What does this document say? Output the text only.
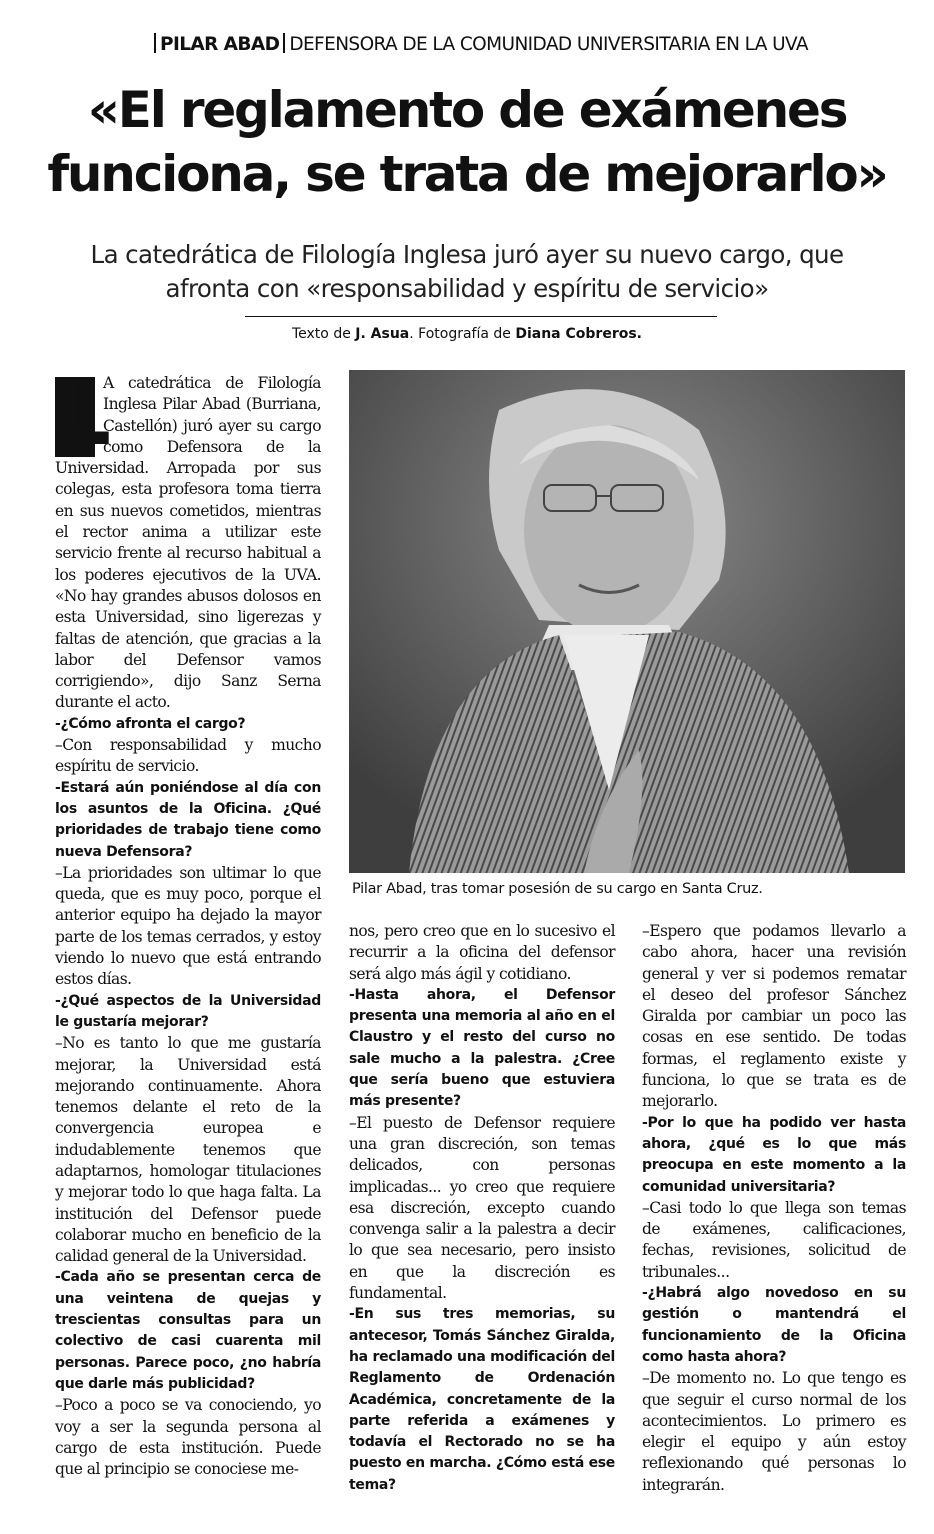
PILAR ABAD DEFENSORA DE LA COMUNIDAD UNIVERSITARIA EN LA UVA
«El reglamento de exámenes
funciona, se trata de mejorarlo»
La catedrática de Filología Inglesa juró ayer su nuevo cargo, que
afronta con «responsabilidad y espíritu de servicio»
Texto de J. Asua. Fotografía de Diana Cobreros.
Pilar Abad, tras tomar posesión de su cargo en Santa Cruz.
L

A catedrática de Filología Inglesa Pilar Abad (Burriana, Castellón) juró ayer su cargo como Defensora de la Universidad. Arropada por sus colegas, esta profesora toma tierra en sus nuevos cometidos, mientras el rector anima a utilizar este servicio frente al recurso habitual a los poderes ejecutivos de la UVA. «No hay grandes abusos dolosos en esta Universidad, sino ligerezas y faltas de atención, que gracias a la labor del Defensor vamos corrigiendo», dijo Sanz Serna durante el acto.

-¿Cómo afronta el cargo?

–Con responsabilidad y mucho espíritu de servicio.

-Estará aún poniéndose al día con los asuntos de la Oficina. ¿Qué prioridades de trabajo tiene como nueva Defensora?

–La prioridades son ultimar lo que queda, que es muy poco, porque el anterior equipo ha dejado la mayor parte de los temas cerrados, y estoy viendo lo nuevo que está entrando estos días.

-¿Qué aspectos de la Universidad le gustaría mejorar?

–No es tanto lo que me gustaría mejorar, la Universidad está mejorando continuamente. Ahora tenemos delante el reto de la convergencia europea e indudablemente tenemos que adaptarnos, homologar titulaciones y mejorar todo lo que haga falta. La institución del Defensor puede colaborar mucho en beneficio de la calidad general de la Universidad.

-Cada año se presentan cerca de una veintena de quejas y trescientas consultas para un colectivo de casi cuarenta mil personas. Parece poco, ¿no habría que darle más publicidad?

–Poco a poco se va conociendo, yo voy a ser la segunda persona al cargo de esta institución. Puede que al principio se conociese me-

nos, pero creo que en lo sucesivo el recurrir a la oficina del defensor será algo más ágil y cotidiano.

-Hasta ahora, el Defensor presenta una memoria al año en el Claustro y el resto del curso no sale mucho a la palestra. ¿Cree que sería bueno que estuviera más presente?

–El puesto de Defensor requiere una gran discreción, son temas delicados, con personas implicadas... yo creo que requiere esa discreción, excepto cuando convenga salir a la palestra a decir lo que sea necesario, pero insisto en que la discreción es fundamental.

-En sus tres memorias, su antecesor, Tomás Sánchez Giralda, ha reclamado una modificación del Reglamento de Ordenación Académica, concretamente de la parte referida a exámenes y todavía el Rectorado no se ha puesto en marcha. ¿Cómo está ese tema?

–Espero que podamos llevarlo a cabo ahora, hacer una revisión general y ver si podemos rematar el deseo del profesor Sánchez Giralda por cambiar un poco las cosas en ese sentido. De todas formas, el reglamento existe y funciona, lo que se trata es de mejorarlo.

-Por lo que ha podido ver hasta ahora, ¿qué es lo que más preocupa en este momento a la comunidad universitaria?

–Casi todo lo que llega son temas de exámenes, calificaciones, fechas, revisiones, solicitud de tribunales...

-¿Habrá algo novedoso en su gestión o mantendrá el funcionamiento de la Oficina como hasta ahora?

–De momento no. Lo que tengo es que seguir el curso normal de los acontecimientos. Lo primero es elegir el equipo y aún estoy reflexionando qué personas lo integrarán.
